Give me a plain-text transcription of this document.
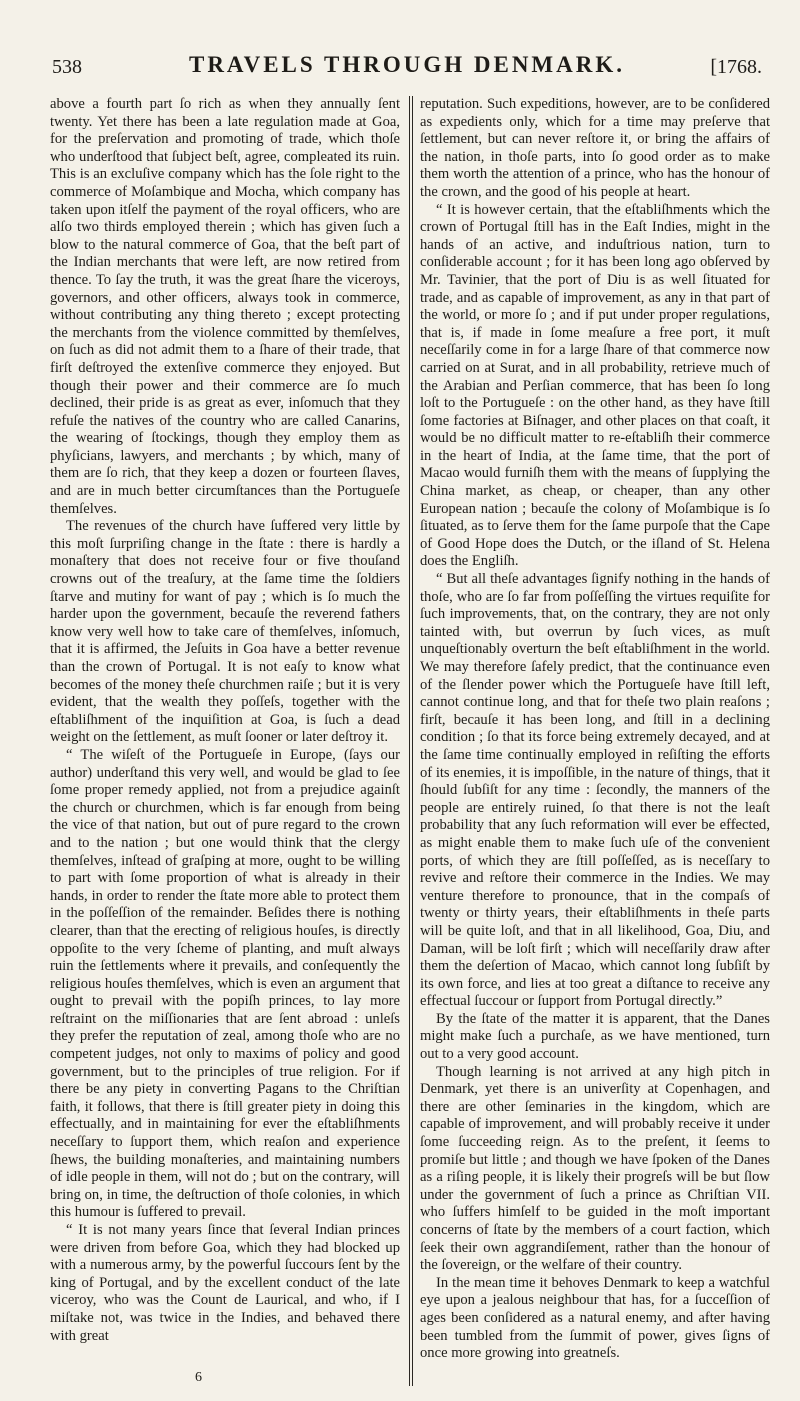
538	TRAVELS THROUGH DENMARK.	[1768.

above a fourth part ſo rich as when they annually ſent twenty. Yet there has been a late regulation made at Goa, for the preſervation and promoting of trade, which thoſe who underſtood that ſubject beſt, agree, compleated its ruin. This is an excluſive company which has the ſole right to the commerce of Moſambique and Mocha, which company has taken upon itſelf the payment of the royal officers, who are alſo two thirds employed therein ; which has given ſuch a blow to the natural commerce of Goa, that the beſt part of the Indian merchants that were left, are now retired from thence. To ſay the truth, it was the great ſhare the viceroys, governors, and other officers, always took in commerce, without contributing any thing thereto ; except protecting the merchants from the violence committed by themſelves, on ſuch as did not admit them to a ſhare of their trade, that firſt deſtroyed the extenſive commerce they enjoyed. But though their power and their commerce are ſo much declined, their pride is as great as ever, inſomuch that they refuſe the natives of the country who are called Canarins, the wearing of ſtockings, though they employ them as phyſicians, lawyers, and merchants ; by which, many of them are ſo rich, that they keep a dozen or fourteen ſlaves, and are in much better circumſtances than the Portugueſe themſelves.

The revenues of the church have ſuffered very little by this moſt ſurpriſing change in the ſtate : there is hardly a monaſtery that does not receive four or five thouſand crowns out of the treaſury, at the ſame time the ſoldiers ſtarve and mutiny for want of pay ; which is ſo much the harder upon the government, becauſe the reverend fathers know very well how to take care of themſelves, inſomuch, that it is affirmed, the Jeſuits in Goa have a better revenue than the crown of Portugal. It is not eaſy to know what becomes of the money theſe churchmen raiſe ; but it is very evident, that the wealth they poſſeſs, together with the eſtabliſhment of the inquiſition at Goa, is ſuch a dead weight on the ſettlement, as muſt ſooner or later deſtroy it.

“ The wiſeſt of the Portugueſe in Europe, (ſays our author) underſtand this very well, and would be glad to ſee ſome proper remedy applied, not from a prejudice againſt the church or churchmen, which is far enough from being the vice of that nation, but out of pure regard to the crown and to the nation ; but one would think that the clergy themſelves, inſtead of graſping at more, ought to be willing to part with ſome proportion of what is already in their hands, in order to render the ſtate more able to protect them in the poſſeſſion of the remainder. Beſides there is nothing clearer, than that the erecting of religious houſes, is directly oppoſite to the very ſcheme of planting, and muſt always ruin the ſettlements where it prevails, and conſequently the religious houſes themſelves, which is even an argument that ought to prevail with the popiſh princes, to lay more reſtraint on the miſſionaries that are ſent abroad : unleſs they prefer the reputation of zeal, among thoſe who are no competent judges, not only to maxims of policy and good government, but to the principles of true religion. For if there be any piety in converting Pagans to the Chriſtian faith, it follows, that there is ſtill greater piety in doing this effectually, and in maintaining for ever the eſtabliſhments neceſſary to ſupport them, which reaſon and experience ſhews, the building monaſteries, and maintaining numbers of idle people in them, will not do ; but on the contrary, will bring on, in time, the deſtruction of thoſe colonies, in which this humour is ſuffered to prevail.

“ It is not many years ſince that ſeveral Indian princes were driven from before Goa, which they had blocked up with a numerous army, by the powerful ſuccours ſent by the king of Portugal, and by the excellent conduct of the late viceroy, who was the Count de Laurical, and who, if I miſtake not, was twice in the Indies, and behaved there with great

reputation. Such expeditions, however, are to be conſidered as expedients only, which for a time may preſerve that ſettlement, but can never reſtore it, or bring the affairs of the nation, in thoſe parts, into ſo good order as to make them worth the attention of a prince, who has the honour of the crown, and the good of his people at heart.

“ It is however certain, that the eſtabliſhments which the crown of Portugal ſtill has in the Eaſt Indies, might in the hands of an active, and induſtrious nation, turn to conſiderable account ; for it has been long ago obſerved by Mr. Tavinier, that the port of Diu is as well ſituated for trade, and as capable of improvement, as any in that part of the world, or more ſo ; and if put under proper regulations, that is, if made in ſome meaſure a free port, it muſt neceſſarily come in for a large ſhare of that commerce now carried on at Surat, and in all probability, retrieve much of the Arabian and Perſian commerce, that has been ſo long loſt to the Portugueſe : on the other hand, as they have ſtill ſome factories at Biſnager, and other places on that coaſt, it would be no difficult matter to re-eſtabliſh their commerce in the heart of India, at the ſame time, that the port of Macao would furniſh them with the means of ſupplying the China market, as cheap, or cheaper, than any other European nation ; becauſe the colony of Moſambique is ſo ſituated, as to ſerve them for the ſame purpoſe that the Cape of Good Hope does the Dutch, or the iſland of St. Helena does the Engliſh.

“ But all theſe advantages ſignify nothing in the hands of thoſe, who are ſo far from poſſeſſing the virtues requiſite for ſuch improvements, that, on the contrary, they are not only tainted with, but overrun by ſuch vices, as muſt unqueſtionably overturn the beſt eſtabliſhment in the world. We may therefore ſafely predict, that the continuance even of the ſlender power which the Portugueſe have ſtill left, cannot continue long, and that for theſe two plain reaſons ; firſt, becauſe it has been long, and ſtill in a declining condition ; ſo that its force being extremely decayed, and at the ſame time continually employed in reſiſting the efforts of its enemies, it is impoſſible, in the nature of things, that it ſhould ſubſiſt for any time : ſecondly, the manners of the people are entirely ruined, ſo that there is not the leaſt probability that any ſuch reformation will ever be effected, as might enable them to make ſuch uſe of the convenient ports, of which they are ſtill poſſeſſed, as is neceſſary to revive and reſtore their commerce in the Indies. We may venture therefore to pronounce, that in the compaſs of twenty or thirty years, their eſtabliſhments in theſe parts will be quite loſt, and that in all likelihood, Goa, Diu, and Daman, will be loſt firſt ; which will neceſſarily draw after them the deſertion of Macao, which cannot long ſubſiſt by its own force, and lies at too great a diſtance to receive any effectual ſuccour or ſupport from Portugal directly.”

By the ſtate of the matter it is apparent, that the Danes might make ſuch a purchaſe, as we have mentioned, turn out to a very good account.

Though learning is not arrived at any high pitch in Denmark, yet there is an univerſity at Copenhagen, and there are other ſeminaries in the kingdom, which are capable of improvement, and will probably receive it under ſome ſucceeding reign. As to the preſent, it ſeems to promiſe but little ; and though we have ſpoken of the Danes as a riſing people, it is likely their progreſs will be but ſlow under the government of ſuch a prince as Chriſtian VII. who ſuffers himſelf to be guided in the moſt important concerns of ſtate by the members of a court faction, which ſeek their own aggrandiſement, rather than the honour of the ſovereign, or the welfare of their country.

In the mean time it behoves Denmark to keep a watchful eye upon a jealous neighbour that has, for a ſucceſſion of ages been conſidered as a natural enemy, and after having been tumbled from the ſummit of power, gives ſigns of once more growing into greatneſs.

6
